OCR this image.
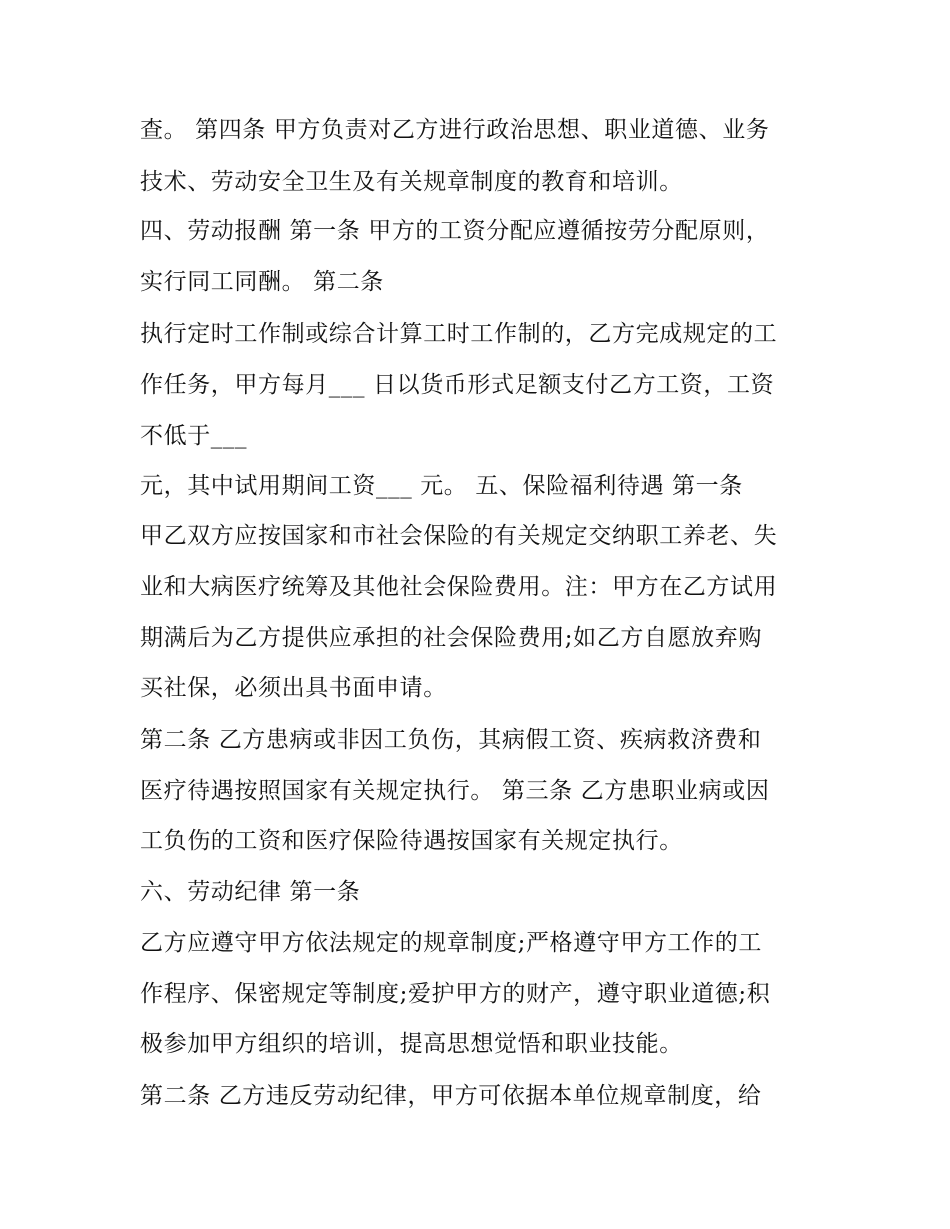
查。 第四条 甲方负责对乙方进行政治思想、职业道德、业务
技术、劳动安全卫生及有关规章制度的教育和培训。
四、劳动报酬 第一条 甲方的工资分配应遵循按劳分配原则，
实行同工同酬。 第二条
执行定时工作制或综合计算工时工作制的，乙方完成规定的工
作任务，甲方每月___ 日以货币形式足额支付乙方工资，工资
不低于___
元，其中试用期间工资___ 元。 五、保险福利待遇 第一条
甲乙双方应按国家和市社会保险的有关规定交纳职工养老、失
业和大病医疗统筹及其他社会保险费用。注：甲方在乙方试用
期满后为乙方提供应承担的社会保险费用;如乙方自愿放弃购
买社保，必须出具书面申请。
第二条 乙方患病或非因工负伤，其病假工资、疾病救济费和
医疗待遇按照国家有关规定执行。 第三条 乙方患职业病或因
工负伤的工资和医疗保险待遇按国家有关规定执行。
六、劳动纪律 第一条
乙方应遵守甲方依法规定的规章制度;严格遵守甲方工作的工
作程序、保密规定等制度;爱护甲方的财产，遵守职业道德;积
极参加甲方组织的培训，提高思想觉悟和职业技能。
第二条 乙方违反劳动纪律，甲方可依据本单位规章制度，给
